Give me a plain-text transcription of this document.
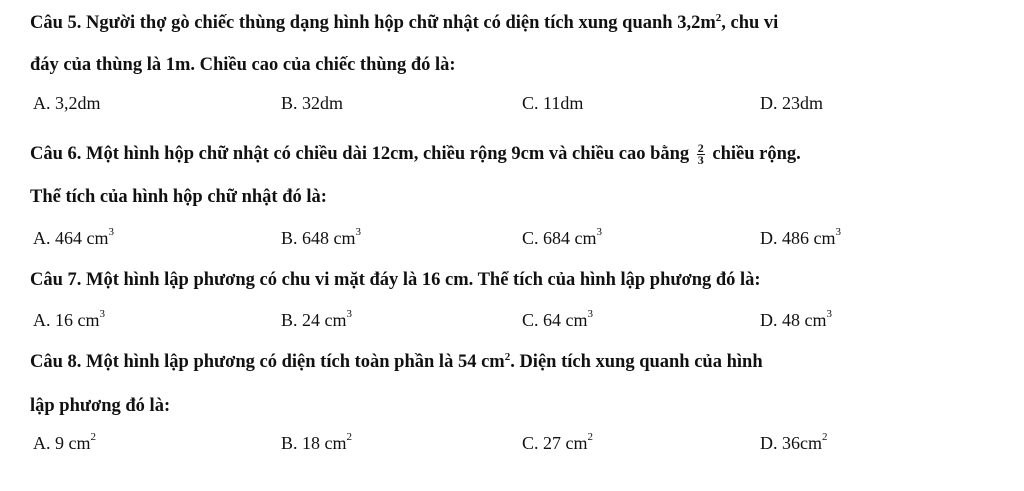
Câu 5. Người thợ gò chiếc thùng dạng hình hộp chữ nhật có diện tích xung quanh $3,2m^2$, chu vi
đáy của thùng là 1m. Chiều cao của chiếc thùng đó là:
A. 3,2dm	B. 32dm	C. 11dm	D. 23dm
Câu 6. Một hình hộp chữ nhật có chiều dài 12cm, chiều rộng 9cm và chiều cao bằng $\frac{2}{3}$ chiều rộng.
Thể tích của hình hộp chữ nhật đó là:
A. 464 $cm^3$	B. 648 $cm^3$	C. 684 $cm^3$	D. 486 $cm^3$
Câu 7. Một hình lập phương có chu vi mặt đáy là 16 cm. Thể tích của hình lập phương đó là:
A. 16 $cm^3$	B. 24 $cm^3$	C. 64 $cm^3$	D. 48 $cm^3$
Câu 8. Một hình lập phương có diện tích toàn phần là 54 $cm^2$. Diện tích xung quanh của hình
lập phương đó là:
A. 9 $cm^2$	B. 18 $cm^2$	C. 27 $cm^2$	D. $36cm^2$
